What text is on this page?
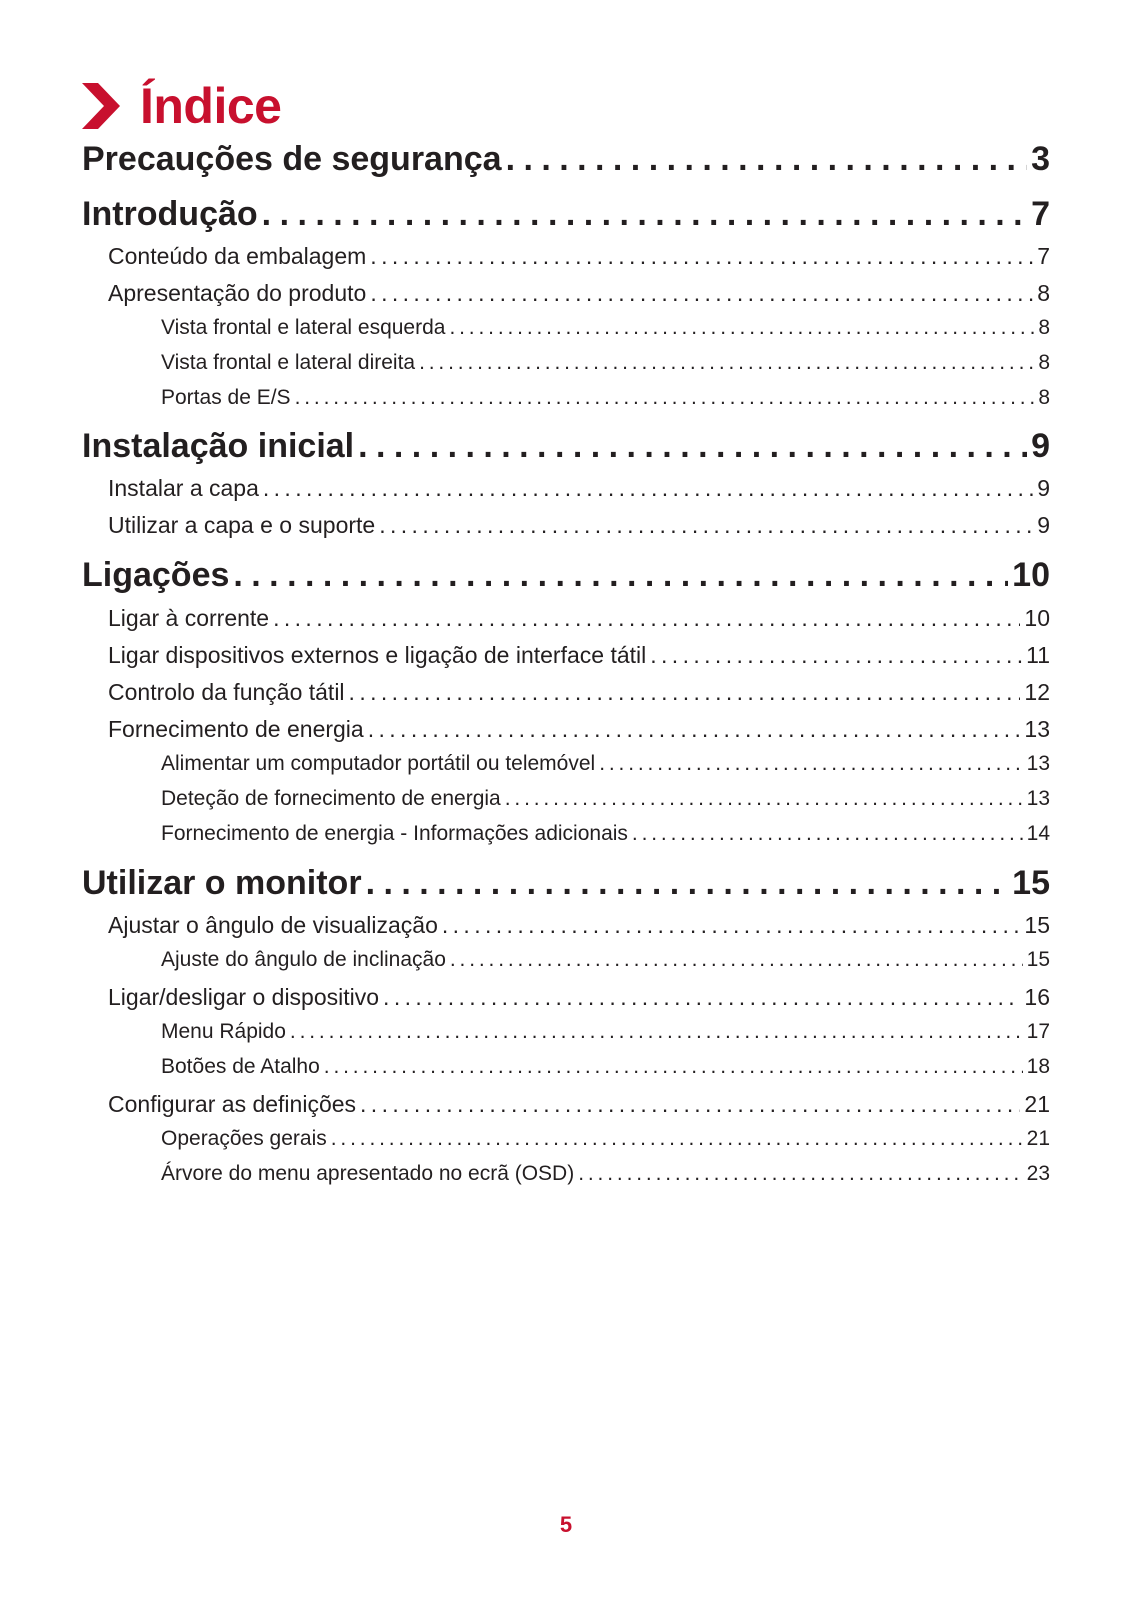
Índice
Precauções de segurança . . .	3
Introdução . . .	7
Conteúdo da embalagem . . .	7
Apresentação do produto . . .	8
Vista frontal e lateral esquerda . . .	8
Vista frontal e lateral direita . . .	8
Portas de E/S . . .	8
Instalação inicial . . .	9
Instalar a capa . . .	9
Utilizar a capa e o suporte . . .	9
Ligações . . .	10
Ligar à corrente . . .	10
Ligar dispositivos externos e ligação de interface tátil . . .	11
Controlo da função tátil . . .	12
Fornecimento de energia . . .	13
Alimentar um computador portátil ou telemóvel . . .	13
Deteção de fornecimento de energia . . .	13
Fornecimento de energia - Informações adicionais . . .	14
Utilizar o monitor . . .	15
Ajustar o ângulo de visualização . . .	15
Ajuste do ângulo de inclinação . . .	15
Ligar/desligar o dispositivo . . .	16
Menu Rápido . . .	17
Botões de Atalho . . .	18
Configurar as definições . . .	21
Operações gerais . . .	21
Árvore do menu apresentado no ecrã (OSD) . . .	23
5
